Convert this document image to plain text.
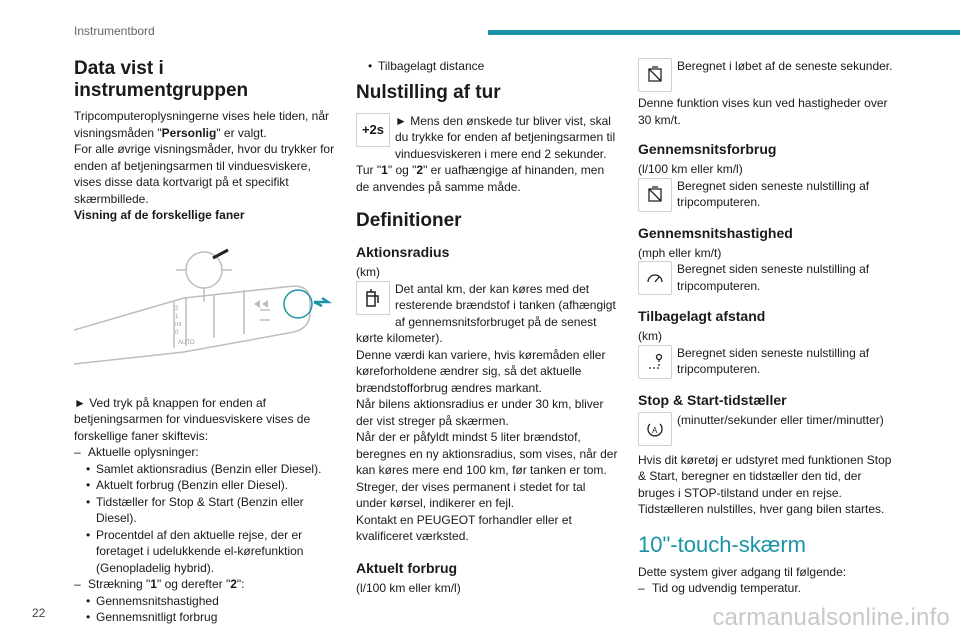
Instrumentbord
Data vist i instrumentgruppen

Tripcomputeroplysningerne vises hele tiden, når visningsmåden "Personlig" er valgt.
For alle øvrige visningsmåder, hvor du trykker for enden af betjeningsarmen til vinduesviskere, vises disse data kortvarigt på et specifikt skærmbillede.

Visning af de forskellige faner

2
1
Int
0
AUTO

► Ved tryk på knappen for enden af betjeningsarmen for vinduesviskere vises de forskellige faner skiftevis:

– Aktuelle oplysninger:
• Samlet aktionsradius (Benzin eller Diesel).
• Aktuelt forbrug (Benzin eller Diesel).
• Tidstæller for Stop & Start (Benzin eller Diesel).
• Procentdel af den aktuelle rejse, der er foretaget i udelukkende el-kørefunktion (Genopladelig hybrid).
– Strækning "1" og derefter "2":
• Gennemsnitshastighed
• Gennemsnitligt forbrug
• Tilbagelagt distance
Nulstilling af tur
+2s

► Mens den ønskede tur bliver vist, skal du trykke for enden af betjeningsarmen til vinduesviskeren i mere end 2 sekunder.

Tur "1" og "2" er uafhængige af hinanden, men de anvendes på samme måde.

Definitioner
Aktionsradius

(km)

Det antal km, der kan køres med det resterende brændstof i tanken (afhængigt af gennemsnitsforbruget på de senest kørte kilometer).

Denne værdi kan variere, hvis køremåden eller køreforholdene ændrer sig, så det aktuelle brændstofforbrug ændres markant.

Når bilens aktionsradius er under 30 km, bliver der vist streger på skærmen.

Når der er påfyldt mindst 5 liter brændstof, beregnes en ny aktionsradius, som vises, når der kan køres mere end 100 km, før tanken er tom.

Streger, der vises permanent i stedet for tal under kørsel, indikerer en fejl.

Kontakt en PEUGEOT forhandler eller et kvalificeret værksted.

Aktuelt forbrug

(l/100 km eller km/l)

Beregnet i løbet af de seneste sekunder.

Denne funktion vises kun ved hastigheder over 30 km/t.

Gennemsnitsforbrug

(l/100 km eller km/l)

Beregnet siden seneste nulstilling af tripcomputeren.
Gennemsnitshastighed

(mph eller km/t)

Beregnet siden seneste nulstilling af tripcomputeren.
Tilbagelagt afstand

(km)

Beregnet siden seneste nulstilling af tripcomputeren.
Stop & Start-tidstæller
A
(minutter/sekunder eller timer/minutter)

Hvis dit køretøj er udstyret med funktionen Stop & Start, beregner en tidstæller den tid, der bruges i STOP-tilstand under en rejse. Tidstælleren nulstilles, hver gang bilen startes.

10"-touch-skærm

Dette system giver adgang til følgende:

– Tid og udvendig temperatur.
22	carmanualsonline.info
